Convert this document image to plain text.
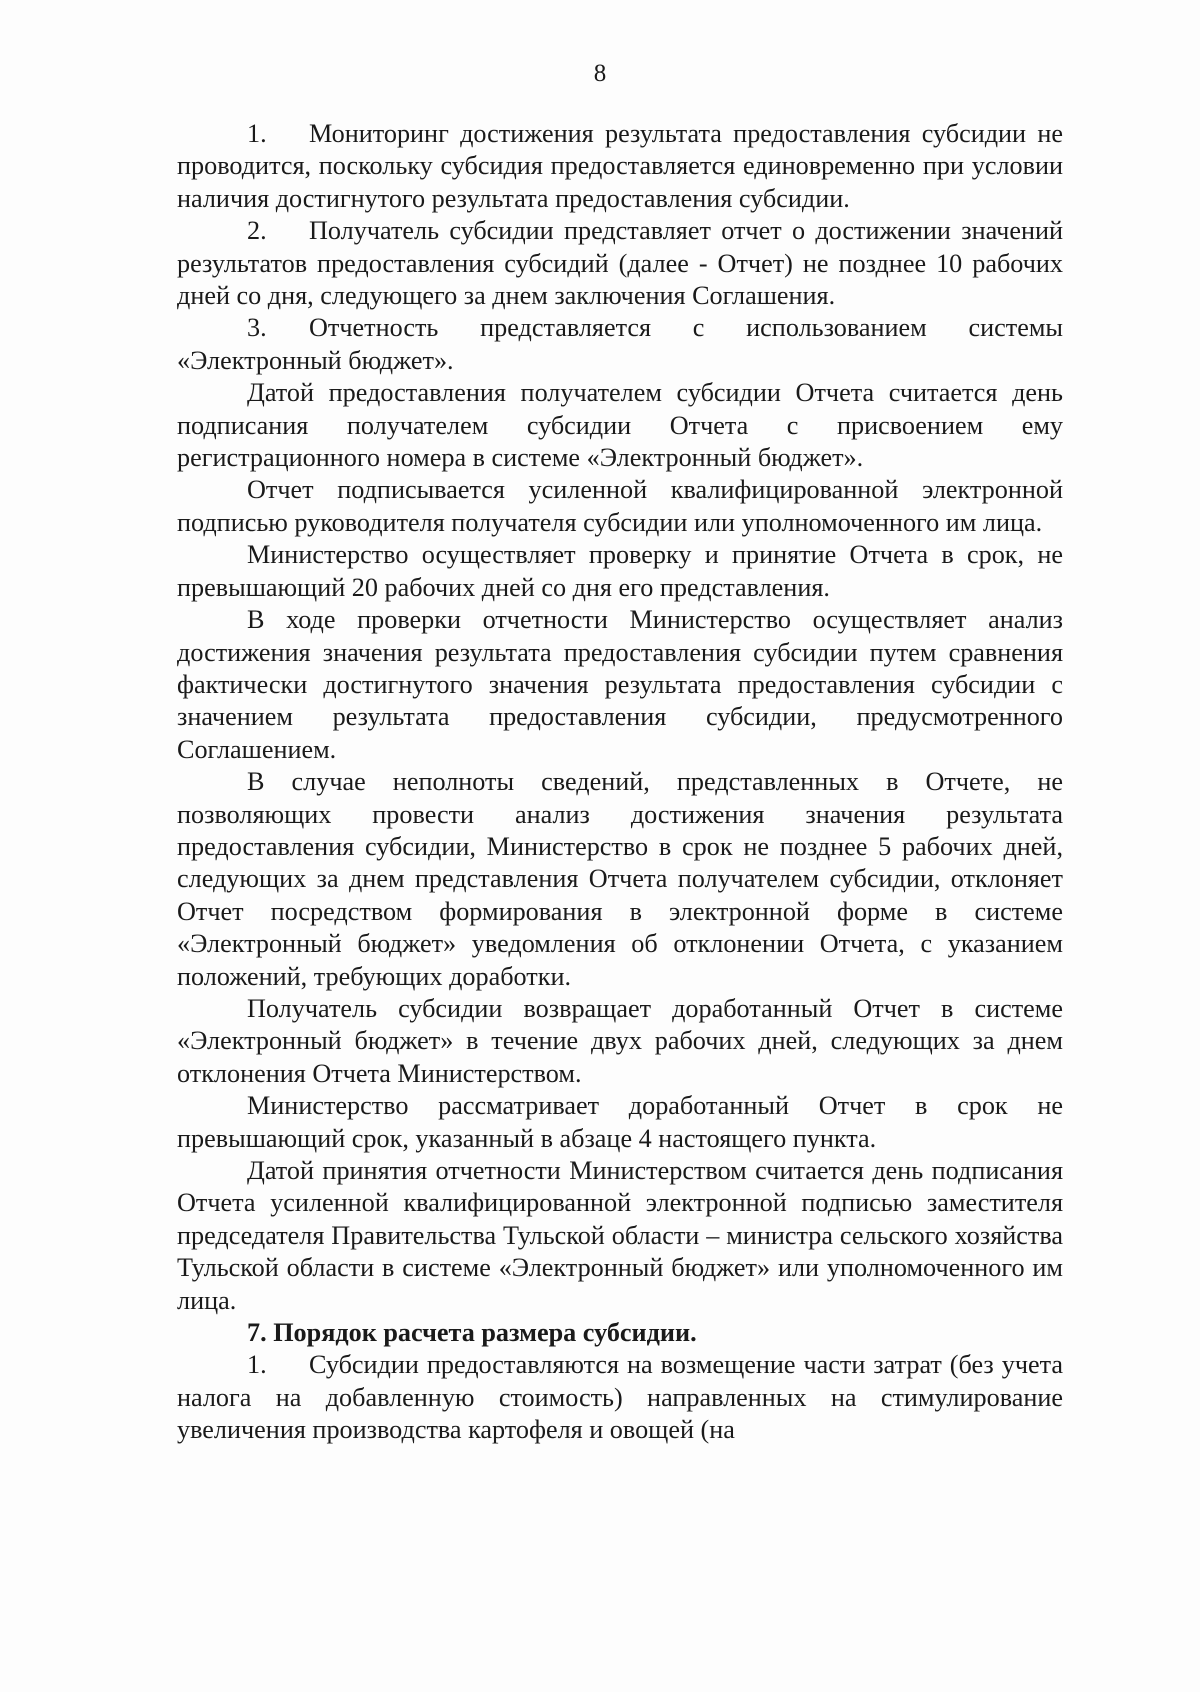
8

1. Мониторинг достижения результата предоставления субсидии не проводится, поскольку субсидия предоставляется единовременно при условии наличия достигнутого результата предоставления субсидии.

2. Получатель субсидии представляет отчет о достижении значений результатов предоставления субсидий (далее - Отчет) не позднее 10 рабочих дней со дня, следующего за днем заключения Соглашения.

3. Отчетность представляется с использованием системы «Электронный бюджет».

Датой предоставления получателем субсидии Отчета считается день подписания получателем субсидии Отчета с присвоением ему регистрационного номера в системе «Электронный бюджет».

Отчет подписывается усиленной квалифицированной электронной подписью руководителя получателя субсидии или уполномоченного им лица.

Министерство осуществляет проверку и принятие Отчета в срок, не превышающий 20 рабочих дней со дня его представления.

В ходе проверки отчетности Министерство осуществляет анализ достижения значения результата предоставления субсидии путем сравнения фактически достигнутого значения результата предоставления субсидии с значением результата предоставления субсидии, предусмотренного Соглашением.

В случае неполноты сведений, представленных в Отчете, не позволяющих провести анализ достижения значения результата предоставления субсидии, Министерство в срок не позднее 5 рабочих дней, следующих за днем представления Отчета получателем субсидии, отклоняет Отчет посредством формирования в электронной форме в системе «Электронный бюджет» уведомления об отклонении Отчета, с указанием положений, требующих доработки.

Получатель субсидии возвращает доработанный Отчет в системе «Электронный бюджет» в течение двух рабочих дней, следующих за днем отклонения Отчета Министерством.

Министерство рассматривает доработанный Отчет в срок не превышающий срок, указанный в абзаце 4 настоящего пункта.

Датой принятия отчетности Министерством считается день подписания Отчета усиленной квалифицированной электронной подписью заместителя председателя Правительства Тульской области – министра сельского хозяйства Тульской области в системе «Электронный бюджет» или уполномоченного им лица.

7. Порядок расчета размера субсидии.

1. Субсидии предоставляются на возмещение части затрат (без учета налога на добавленную стоимость) направленных на стимулирование увеличения производства картофеля и овощей (на
